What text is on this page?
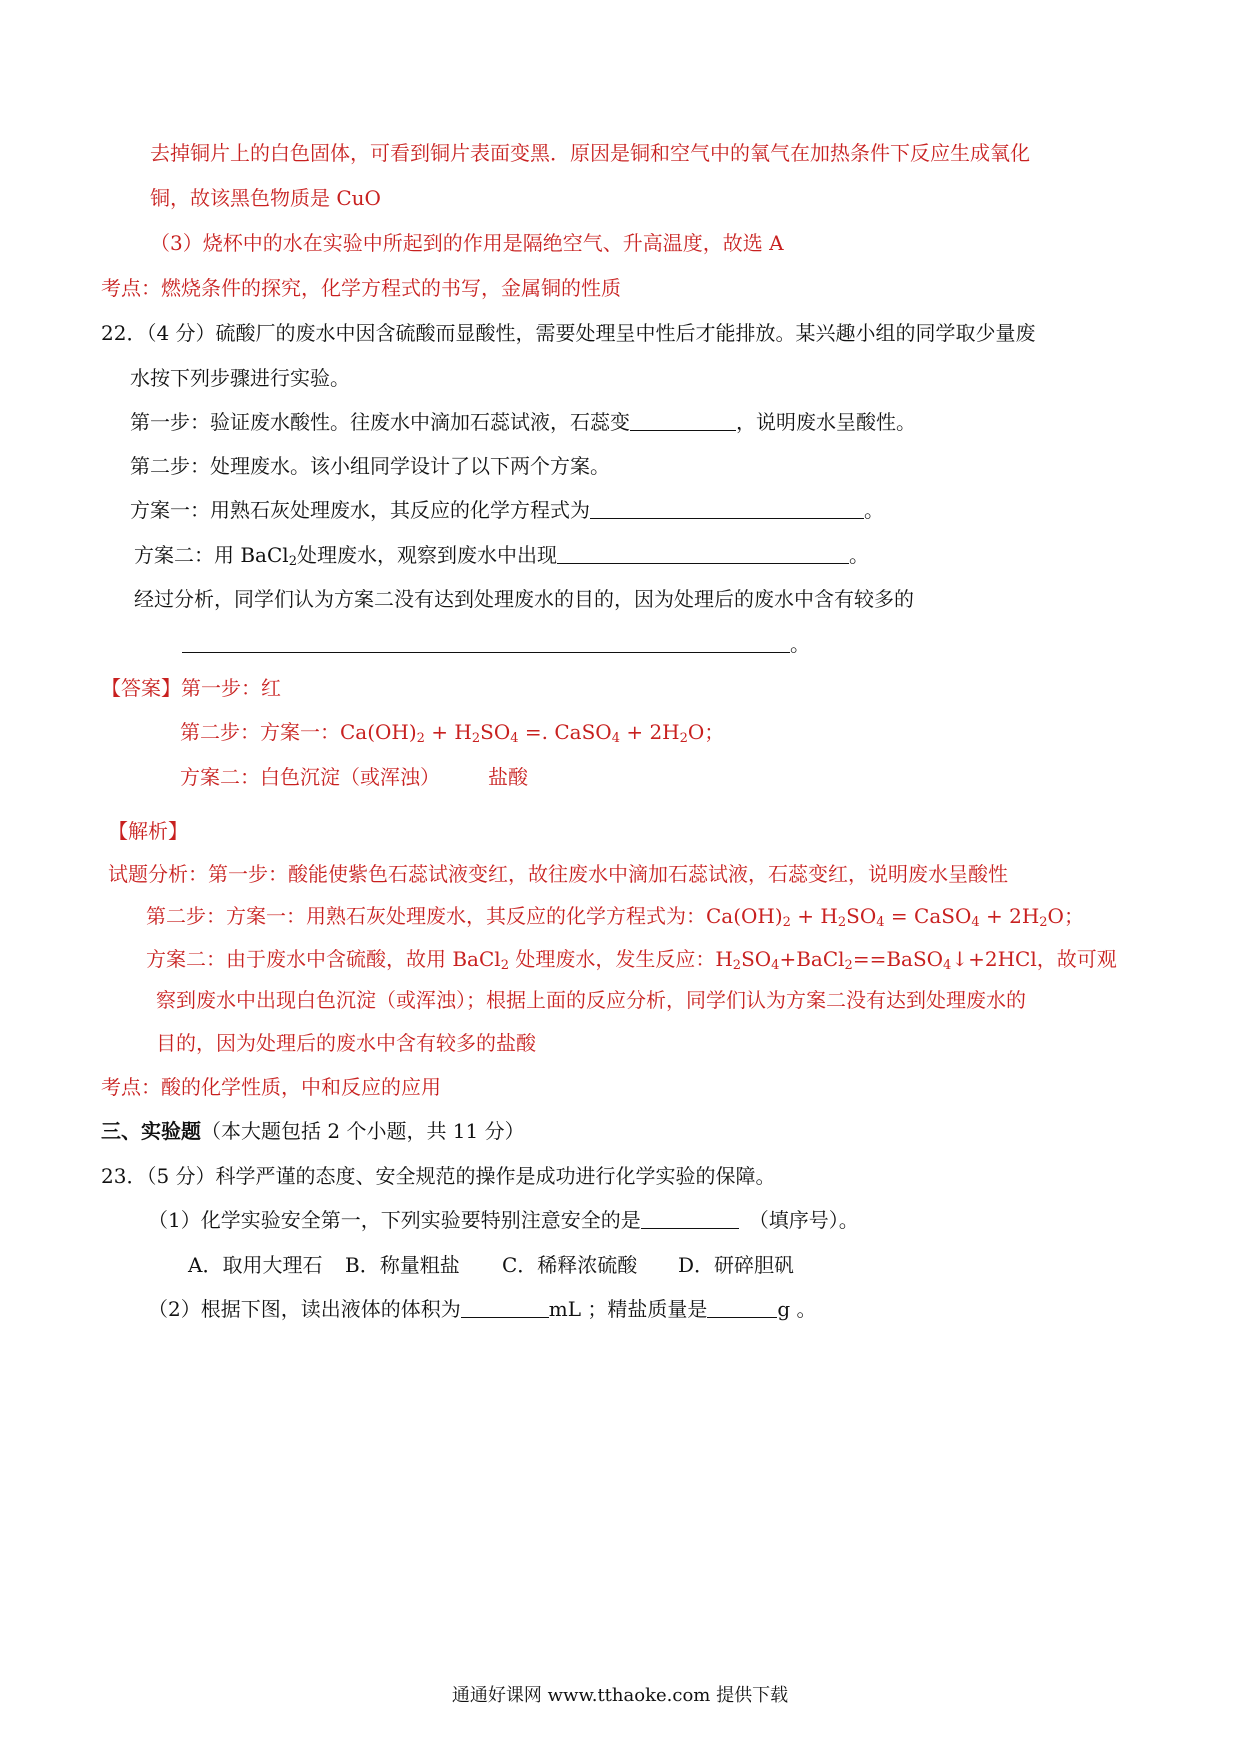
去掉铜片上的白色固体，可看到铜片表面变黑．原因是铜和空气中的氧气在加热条件下反应生成氧化
铜，故该黑色物质是 CuO
（3）烧杯中的水在实验中所起到的作用是隔绝空气、升高温度，故选 A
考点：燃烧条件的探究，化学方程式的书写，金属铜的性质
22．（4 分）硫酸厂的废水中因含硫酸而显酸性，需要处理呈中性后才能排放。某兴趣小组的同学取少量废
水按下列步骤进行实验。
第一步：验证废水酸性。往废水中滴加石蕊试液，石蕊变	，说明废水呈酸性。
第二步：处理废水。该小组同学设计了以下两个方案。
方案一：用熟石灰处理废水，其反应的化学方程式为	。
方案二：用 BaCl$_2$处理废水，观察到废水中出现	。
经过分析，同学们认为方案二没有达到处理废水的目的，因为处理后的废水中含有较多的
。
【答案】第一步：红
第二步：方案一：$Ca(OH)_2 + H_2SO_4$ =. CaSO$_4$ + $2H_2O$；
方案二：白色沉淀（或浑浊） 盐酸
【解析】
试题分析：第一步：酸能使紫色石蕊试液变红，故往废水中滴加石蕊试液，石蕊变红，说明废水呈酸性
第二步：方案一：用熟石灰处理废水，其反应的化学方程式为：$Ca(OH)_2 + H_2SO_4$ = CaSO$_4$ + $2H_2O$；
方案二：由于废水中含硫酸，故用 BaCl$_2$ 处理废水，发生反应：$H_2SO_4+BaCl_2==BaSO_4↓+2HCl$，故可观
察到废水中出现白色沉淀（或浑浊）；根据上面的反应分析，同学们认为方案二没有达到处理废水的
目的，因为处理后的废水中含有较多的盐酸
考点：酸的化学性质，中和反应的应用
三、实验题（本大题包括 2 个小题，共 11 分）
23．（5 分）科学严谨的态度、安全规范的操作是成功进行化学实验的保障。
（1）化学实验安全第一，下列实验要特别注意安全的是	（填序号）。
A．取用大理石 B．称量粗盐 C．稀释浓硫酸 D．研碎胆矾
（2）根据下图，读出液体的体积为	mL ；精盐质量是	g 。
通通好课网 www.tthaoke.com 提供下载
